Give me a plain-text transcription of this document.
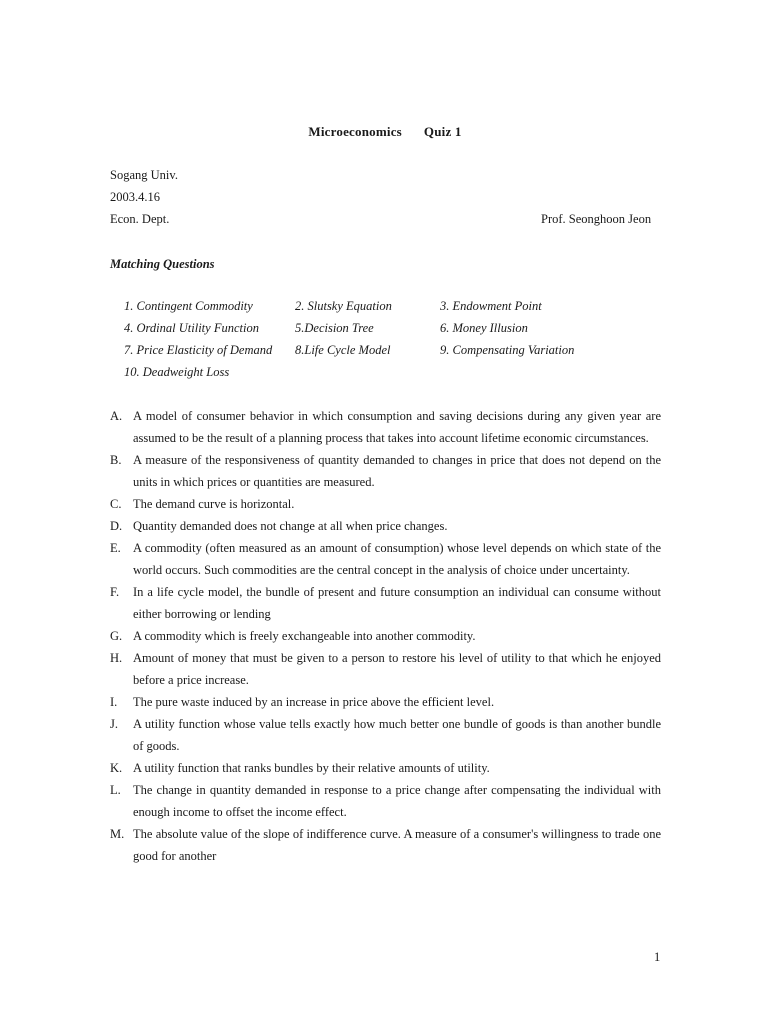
Microeconomics Quiz 1
Sogang Univ.
2003.4.16
Econ. Dept.	Prof. Seonghoon Jeon
Matching Questions
1. Contingent Commodity	2. Slutsky Equation	3. Endowment Point
4. Ordinal Utility Function	5.Decision Tree	6. Money Illusion
7. Price Elasticity of Demand 8.Life Cycle Model	9. Compensating Variation
10. Deadweight Loss
A. A model of consumer behavior in which consumption and saving decisions during any given year are assumed to be the result of a planning process that takes into account lifetime economic circumstances.
B. A measure of the responsiveness of quantity demanded to changes in price that does not depend on the units in which prices or quantities are measured.
C. The demand curve is horizontal.
D. Quantity demanded does not change at all when price changes.
E. A commodity (often measured as an amount of consumption) whose level depends on which state of the world occurs. Such commodities are the central concept in the analysis of choice under uncertainty.
F. In a life cycle model, the bundle of present and future consumption an individual can consume without either borrowing or lending
G. A commodity which is freely exchangeable into another commodity.
H. Amount of money that must be given to a person to restore his level of utility to that which he enjoyed before a price increase.
I. The pure waste induced by an increase in price above the efficient level.
J. A utility function whose value tells exactly how much better one bundle of goods is than another bundle of goods.
K. A utility function that ranks bundles by their relative amounts of utility.
L. The change in quantity demanded in response to a price change after compensating the individual with enough income to offset the income effect.
M. The absolute value of the slope of indifference curve. A measure of a consumer's willingness to trade one good for another
1
